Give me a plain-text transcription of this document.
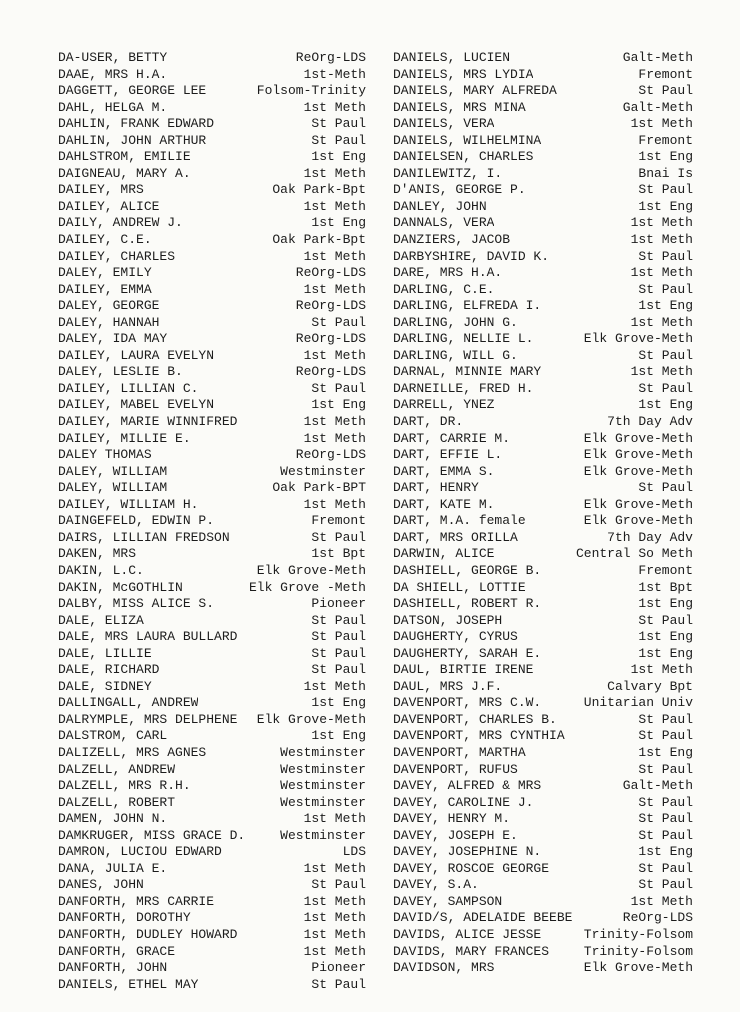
DA-USER, BETTY	ReOrg-LDS
DAAE, MRS H.A.	1st-Meth
DAGGETT, GEORGE LEE	Folsom-Trinity
DAHL, HELGA M.	1st Meth
DAHLIN, FRANK EDWARD	St Paul
DAHLIN, JOHN ARTHUR	St Paul
DAHLSTROM, EMILIE	1st Eng
DAIGNEAU, MARY A.	1st Meth
DAILEY, MRS	Oak Park-Bpt
DAILEY, ALICE	1st Meth
DAILY, ANDREW J.	1st Eng
DAILEY, C.E.	Oak Park-Bpt
DAILEY, CHARLES	1st Meth
DALEY, EMILY	ReOrg-LDS
DAILEY, EMMA	1st Meth
DALEY, GEORGE	ReOrg-LDS
DALEY, HANNAH	St Paul
DALEY, IDA MAY	ReOrg-LDS
DAILEY, LAURA EVELYN	1st Meth
DALEY, LESLIE B.	ReOrg-LDS
DAILEY, LILLIAN C.	St Paul
DAILEY, MABEL EVELYN	1st Eng
DAILEY, MARIE WINNIFRED	1st Meth
DAILEY, MILLIE E.	1st Meth
DALEY THOMAS	ReOrg-LDS
DALEY, WILLIAM	Westminster
DALEY, WILLIAM	Oak Park-BPT
DAILEY, WILLIAM H.	1st Meth
DAINGEFELD, EDWIN P.	Fremont
DAIRS, LILLIAN FREDSON	St Paul
DAKEN, MRS	1st Bpt
DAKIN, L.C.	Elk Grove-Meth
DAKIN, McGOTHLIN	Elk Grove -Meth
DALBY, MISS ALICE S.	Pioneer
DALE, ELIZA	St Paul
DALE, MRS LAURA BULLARD	St Paul
DALE, LILLIE	St Paul
DALE, RICHARD	St Paul
DALE, SIDNEY	1st Meth
DALLINGALL, ANDREW	1st Eng
DALRYMPLE, MRS DELPHENE	Elk Grove-Meth
DALSTROM, CARL	1st Eng
DALIZELL, MRS AGNES	Westminster
DALZELL, ANDREW	Westminster
DALZELL, MRS R.H.	Westminster
DALZELL, ROBERT	Westminster
DAMEN, JOHN N.	1st Meth
DAMKRUGER, MISS GRACE D.	Westminster
DAMRON, LUCIOU EDWARD	LDS
DANA, JULIA E.	1st Meth
DANES, JOHN	St Paul
DANFORTH, MRS CARRIE	1st Meth
DANFORTH, DOROTHY	1st Meth
DANFORTH, DUDLEY HOWARD	1st Meth
DANFORTH, GRACE	1st Meth
DANFORTH, JOHN	Pioneer
DANIELS, ETHEL MAY	St Paul
DANIELS, LUCIEN	Galt-Meth
DANIELS, MRS LYDIA	Fremont
DANIELS, MARY ALFREDA	St Paul
DANIELS, MRS MINA	Galt-Meth
DANIELS, VERA	1st Meth
DANIELS, WILHELMINA	Fremont
DANIELSEN, CHARLES	1st Eng
DANILEWITZ, I.	Bnai Is
D'ANIS, GEORGE P.	St Paul
DANLEY, JOHN	1st Eng
DANNALS, VERA	1st Meth
DANZIERS, JACOB	1st Meth
DARBYSHIRE, DAVID K.	St Paul
DARE, MRS H.A.	1st Meth
DARLING, C.E.	St Paul
DARLING, ELFREDA I.	1st Eng
DARLING, JOHN G.	1st Meth
DARLING, NELLIE L.	Elk Grove-Meth
DARLING, WILL G.	St Paul
DARNAL, MINNIE MARY	1st Meth
DARNEILLE, FRED H.	St Paul
DARRELL, YNEZ	1st Eng
DART, DR.	7th Day Adv
DART, CARRIE M.	Elk Grove-Meth
DART, EFFIE L.	Elk Grove-Meth
DART, EMMA S.	Elk Grove-Meth
DART, HENRY	St Paul
DART, KATE M.	Elk Grove-Meth
DART, M.A. female	Elk Grove-Meth
DART, MRS ORILLA	7th Day Adv
DARWIN, ALICE	Central So Meth
DASHIELL, GEORGE B.	Fremont
DA SHIELL, LOTTIE	1st Bpt
DASHIELL, ROBERT R.	1st Eng
DATSON, JOSEPH	St Paul
DAUGHERTY, CYRUS	1st Eng
DAUGHERTY, SARAH E.	1st Eng
DAUL, BIRTIE IRENE	1st Meth
DAUL, MRS J.F.	Calvary Bpt
DAVENPORT, MRS C.W.	Unitarian Univ
DAVENPORT, CHARLES B.	St Paul
DAVENPORT, MRS CYNTHIA	St Paul
DAVENPORT, MARTHA	1st Eng
DAVENPORT, RUFUS	St Paul
DAVEY, ALFRED & MRS	Galt-Meth
DAVEY, CAROLINE J.	St Paul
DAVEY, HENRY M.	St Paul
DAVEY, JOSEPH E.	St Paul
DAVEY, JOSEPHINE N.	1st Eng
DAVEY, ROSCOE GEORGE	St Paul
DAVEY, S.A.	St Paul
DAVEY, SAMPSON	1st Meth
DAVID/S, ADELAIDE BEEBE	ReOrg-LDS
DAVIDS, ALICE JESSE	Trinity-Folsom
DAVIDS, MARY FRANCES	Trinity-Folsom
DAVIDSON, MRS	Elk Grove-Meth
